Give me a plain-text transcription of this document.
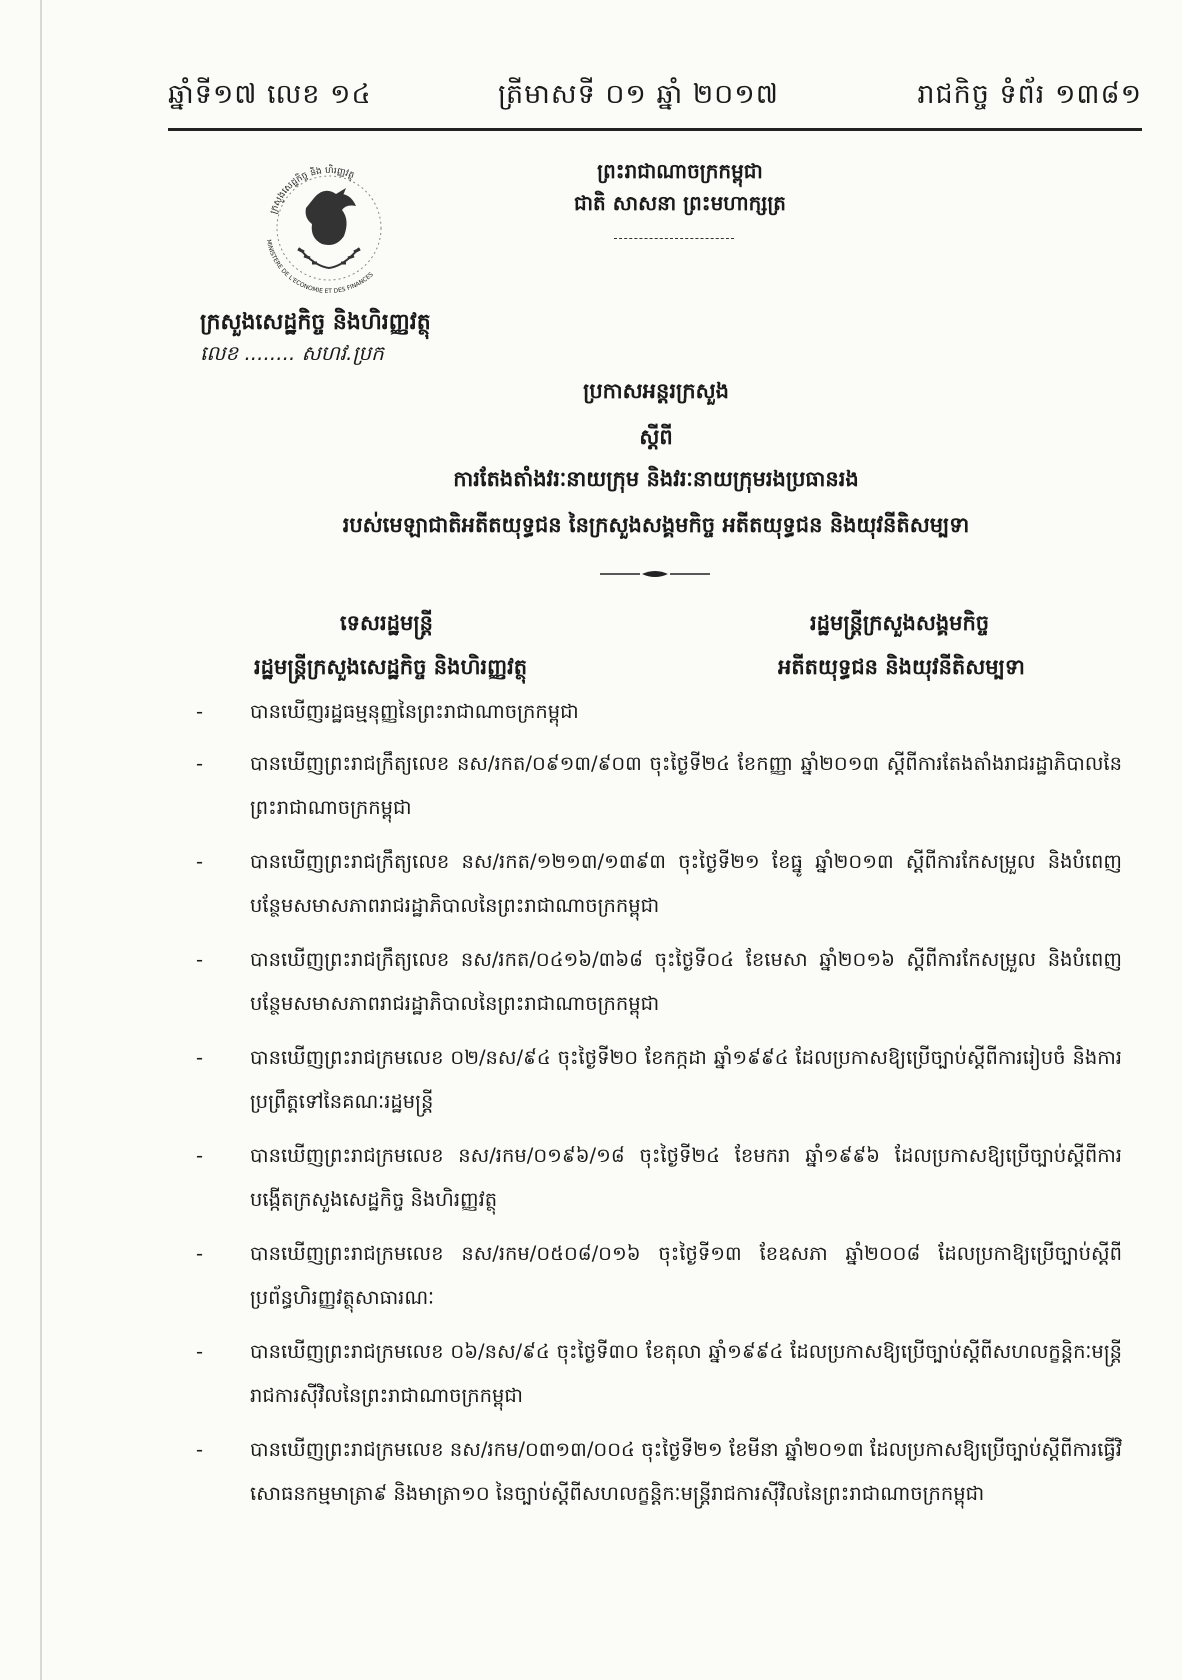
ឆ្នាំទី១៧ លេខ ១៤	ត្រីមាសទី ០១ ឆ្នាំ ២០១៧	រាជកិច្ច ទំព័រ ១៣៨១
ក្រសួងសេដ្ឋកិច្ច និង ហិរញ្ញវត្ថុ
MINISTERE DE L'ECONOMIE ET DES FINANCES
ព្រះរាជាណាចក្រកម្ពុជា
ជាតិ សាសនា ព្រះមហាក្សត្រ
ក្រសួងសេដ្ឋកិច្ច និងហិរញ្ញវត្ថុ
លេខ ........ សហវ.ប្រក
ប្រកាសអន្តរក្រសួង
ស្តីពី
ការតែងតាំងវរៈនាយក្រុម និងវរៈនាយក្រុមរងប្រធានរង
របស់មេឡាជាតិអតីតយុទ្ធជន នៃក្រសួងសង្គមកិច្ច អតីតយុទ្ធជន និងយុវនីតិសម្បទា
ទេសរដ្ឋមន្ត្រី
រដ្ឋមន្ត្រីក្រសួងសេដ្ឋកិច្ច និងហិរញ្ញវត្ថុ
រដ្ឋមន្ត្រីក្រសួងសង្គមកិច្ច
អតីតយុទ្ធជន និងយុវនីតិសម្បទា
- បានឃើញរដ្ឋធម្មនុញ្ញនៃព្រះរាជាណាចក្រកម្ពុជា
- បានឃើញព្រះរាជក្រឹត្យលេខ នស/រកត/០៩១៣/៩០៣ ចុះថ្ងៃទី២៤ ខែកញ្ញា ឆ្នាំ២០១៣ ស្តីពីការតែងតាំងរាជរដ្ឋាភិបាលនៃព្រះរាជាណាចក្រកម្ពុជា
- បានឃើញព្រះរាជក្រឹត្យលេខ នស/រកត/១២១៣/១៣៩៣ ចុះថ្ងៃទី២១ ខែធ្នូ ឆ្នាំ២០១៣ ស្តីពីការកែសម្រួល និងបំពេញបន្ថែមសមាសភាពរាជរដ្ឋាភិបាលនៃព្រះរាជាណាចក្រកម្ពុជា
- បានឃើញព្រះរាជក្រឹត្យលេខ នស/រកត/០៤១៦/៣៦៨ ចុះថ្ងៃទី០៤ ខែមេសា ឆ្នាំ២០១៦ ស្តីពីការកែសម្រួល និងបំពេញបន្ថែមសមាសភាពរាជរដ្ឋាភិបាលនៃព្រះរាជាណាចក្រកម្ពុជា
- បានឃើញព្រះរាជក្រមលេខ ០២/នស/៩៤ ចុះថ្ងៃទី២០ ខែកក្កដា ឆ្នាំ១៩៩៤ ដែលប្រកាសឱ្យប្រើច្បាប់ស្តីពីការរៀបចំ និងការប្រព្រឹត្តទៅនៃគណៈរដ្ឋមន្ត្រី
- បានឃើញព្រះរាជក្រមលេខ នស/រកម/០១៩៦/១៨ ចុះថ្ងៃទី២៤ ខែមករា ឆ្នាំ១៩៩៦ ដែលប្រកាសឱ្យប្រើច្បាប់ស្តីពីការបង្កើតក្រសួងសេដ្ឋកិច្ច និងហិរញ្ញវត្ថុ
- បានឃើញព្រះរាជក្រមលេខ នស/រកម/០៥០៨/០១៦ ចុះថ្ងៃទី១៣ ខែឧសភា ឆ្នាំ២០០៨ ដែលប្រកាឱ្យប្រើច្បាប់ស្តីពីប្រព័ន្ធហិរញ្ញវត្ថុសាធារណៈ
- បានឃើញព្រះរាជក្រមលេខ ០៦/នស/៩៤ ចុះថ្ងៃទី៣០ ខែតុលា ឆ្នាំ១៩៩៤ ដែលប្រកាសឱ្យប្រើច្បាប់ស្តីពីសហលក្ខន្តិកៈមន្ត្រីរាជការស៊ីវិលនៃព្រះរាជាណាចក្រកម្ពុជា
- បានឃើញព្រះរាជក្រមលេខ នស/រកម/០៣១៣/០០៤ ចុះថ្ងៃទី២១ ខែមីនា ឆ្នាំ២០១៣ ដែលប្រកាសឱ្យប្រើច្បាប់ស្តីពីការធ្វើវិសោធនកម្មមាត្រា៩ និងមាត្រា១០ នៃច្បាប់ស្តីពីសហលក្ខន្តិកៈមន្ត្រីរាជការស៊ីវិលនៃព្រះរាជាណាចក្រកម្ពុជា
